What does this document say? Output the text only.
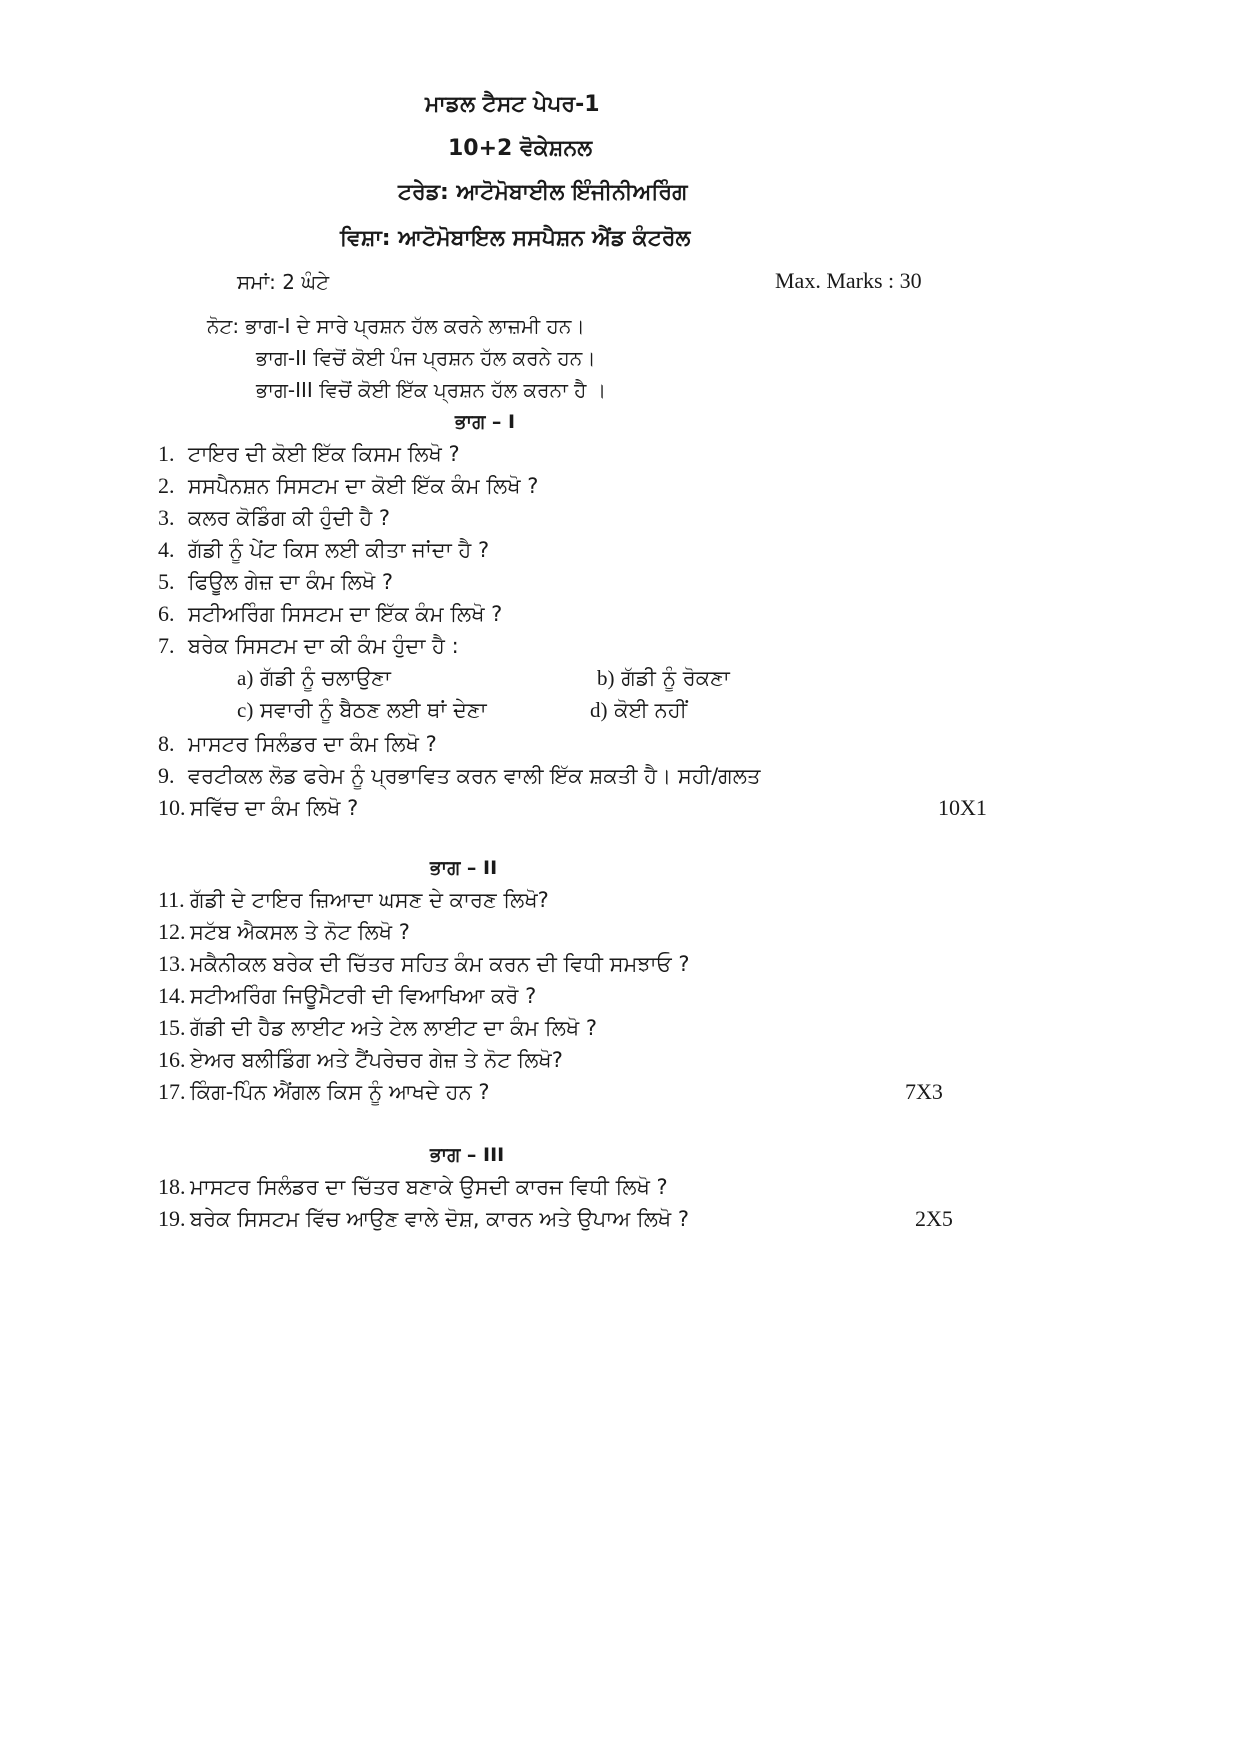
ਮਾਡਲ ਟੈਸਟ ਪੇਪਰ-1
10+2 ਵੋਕੇਸ਼ਨਲ
ਟਰੇਡ: ਆਟੋਮੋਬਾਈਲ ਇੰਜੀਨੀਅਰਿੰਗ
ਵਿਸ਼ਾ: ਆਟੋਮੋਬਾਇਲ ਸਸਪੈਸ਼ਨ ਐਂਡ ਕੰਟਰੋਲ
ਸਮਾਂ: 2 ਘੰਟੇ	Max. Marks : 30
ਨੋਟ: ਭਾਗ-I ਦੇ ਸਾਰੇ ਪ੍ਰਸ਼ਨ ਹੱਲ ਕਰਨੇ ਲਾਜ਼ਮੀ ਹਨ।
ਭਾਗ-II ਵਿਚੋਂ ਕੋਈ ਪੰਜ ਪ੍ਰਸ਼ਨ ਹੱਲ ਕਰਨੇ ਹਨ।
ਭਾਗ-III ਵਿਚੋਂ ਕੋਈ ਇੱਕ ਪ੍ਰਸ਼ਨ ਹੱਲ ਕਰਨਾ ਹੈ ।
ਭਾਗ – I
1. ਟਾਇਰ ਦੀ ਕੋਈ ਇੱਕ ਕਿਸਮ ਲਿਖੋ ?
2. ਸਸਪੈਨਸ਼ਨ ਸਿਸਟਮ ਦਾ ਕੋਈ ਇੱਕ ਕੰਮ ਲਿਖੋ ?
3. ਕਲਰ ਕੋਡਿੰਗ ਕੀ ਹੁੰਦੀ ਹੈ ?
4. ਗੱਡੀ ਨੂੰ ਪੇਂਟ ਕਿਸ ਲਈ ਕੀਤਾ ਜਾਂਦਾ ਹੈ ?
5. ਫਿਊਲ ਗੇਜ਼ ਦਾ ਕੰਮ ਲਿਖੋ ?
6. ਸਟੀਅਰਿੰਗ ਸਿਸਟਮ ਦਾ ਇੱਕ ਕੰਮ ਲਿਖੋ ?
7. ਬਰੇਕ ਸਿਸਟਮ ਦਾ ਕੀ ਕੰਮ ਹੁੰਦਾ ਹੈ :
a) ਗੱਡੀ ਨੂੰ ਚਲਾਉਣਾ	b) ਗੱਡੀ ਨੂੰ ਰੋਕਣਾ
c) ਸਵਾਰੀ ਨੂੰ ਬੈਠਣ ਲਈ ਥਾਂ ਦੇਣਾ	d) ਕੋਈ ਨਹੀਂ
8. ਮਾਸਟਰ ਸਿਲੰਡਰ ਦਾ ਕੰਮ ਲਿਖੋ ?
9. ਵਰਟੀਕਲ ਲੋਡ ਫਰੇਮ ਨੂੰ ਪ੍ਰਭਾਵਿਤ ਕਰਨ ਵਾਲੀ ਇੱਕ ਸ਼ਕਤੀ ਹੈ। ਸਹੀ/ਗਲਤ
10. ਸਵਿੱਚ ਦਾ ਕੰਮ ਲਿਖੋ ?	10X1
ਭਾਗ – II
11. ਗੱਡੀ ਦੇ ਟਾਇਰ ਜ਼ਿਆਦਾ ਘਸਣ ਦੇ ਕਾਰਣ ਲਿਖੋ?
12. ਸਟੱਬ ਐਕਸਲ ਤੇ ਨੋਟ ਲਿਖੋ ?
13. ਮਕੈਨੀਕਲ ਬਰੇਕ ਦੀ ਚਿੱਤਰ ਸਹਿਤ ਕੰਮ ਕਰਨ ਦੀ ਵਿਧੀ ਸਮਝਾਓ ?
14. ਸਟੀਅਰਿੰਗ ਜਿਊਮੈਟਰੀ ਦੀ ਵਿਆਖਿਆ ਕਰੋ ?
15. ਗੱਡੀ ਦੀ ਹੈਡ ਲਾਈਟ ਅਤੇ ਟੇਲ ਲਾਈਟ ਦਾ ਕੰਮ ਲਿਖੋ ?
16. ਏਅਰ ਬਲੀਡਿੰਗ ਅਤੇ ਟੈਂਪਰੇਚਰ ਗੇਜ਼ ਤੇ ਨੋਟ ਲਿਖੋ?
17. ਕਿੰਗ-ਪਿੰਨ ਐਂਗਲ ਕਿਸ ਨੂੰ ਆਖਦੇ ਹਨ ?	7X3
ਭਾਗ – III
18. ਮਾਸਟਰ ਸਿਲੰਡਰ ਦਾ ਚਿੱਤਰ ਬਣਾਕੇ ਉਸਦੀ ਕਾਰਜ ਵਿਧੀ ਲਿਖੋ ?
19. ਬਰੇਕ ਸਿਸਟਮ ਵਿੱਚ ਆਉਣ ਵਾਲੇ ਦੋਸ਼, ਕਾਰਨ ਅਤੇ ਉਪਾਅ ਲਿਖੋ ?	2X5
